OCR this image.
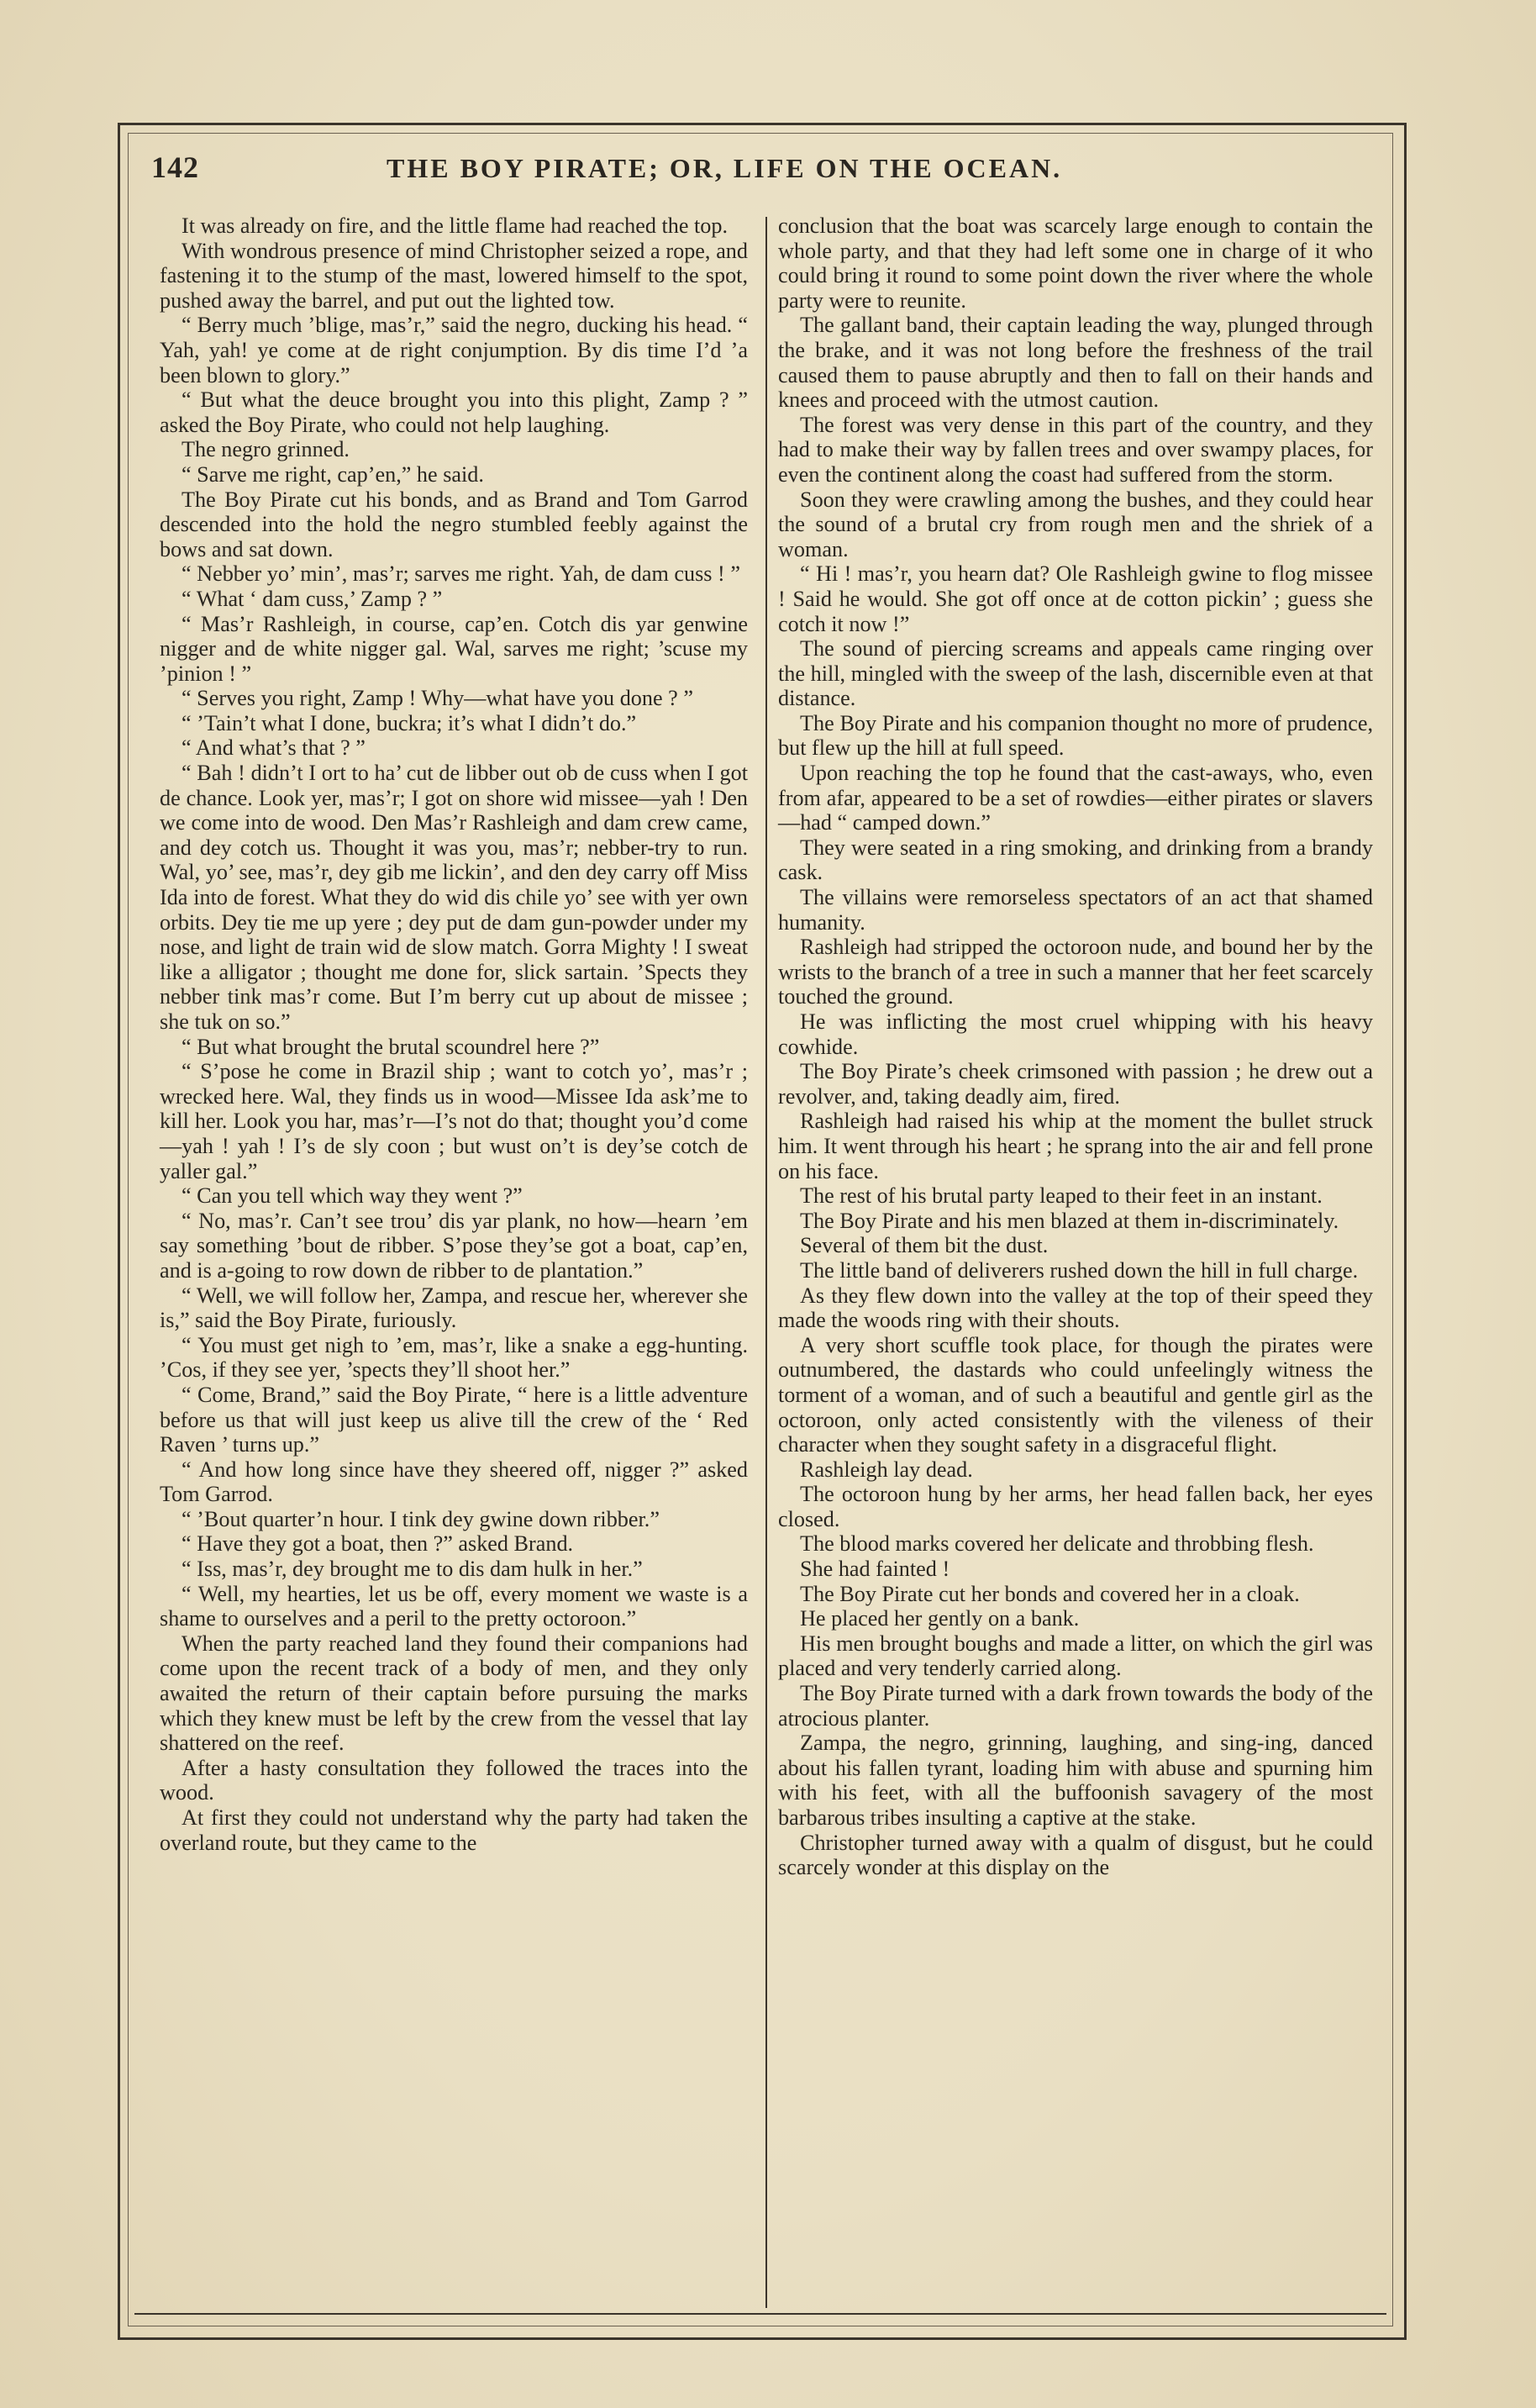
142	THE BOY PIRATE; OR, LIFE ON THE OCEAN.

It was already on fire, and the little flame had reached the top.

With wondrous presence of mind Christopher seized a rope, and fastening it to the stump of the mast, lowered himself to the spot, pushed away the barrel, and put out the lighted tow.

“ Berry much ’blige, mas’r,” said the negro, ducking his head. “ Yah, yah! ye come at de right conjumption. By dis time I’d ’a been blown to glory.”

“ But what the deuce brought you into this plight, Zamp ? ” asked the Boy Pirate, who could not help laughing.

The negro grinned.

“ Sarve me right, cap’en,” he said.

The Boy Pirate cut his bonds, and as Brand and Tom Garrod descended into the hold the negro stumbled feebly against the bows and sat down.

“ Nebber yo’ min’, mas’r; sarves me right. Yah, de dam cuss ! ”

“ What ‘ dam cuss,’ Zamp ? ”

“ Mas’r Rashleigh, in course, cap’en. Cotch dis yar genwine nigger and de white nigger gal. Wal, sarves me right; ’scuse my ’pinion ! ”

“ Serves you right, Zamp ! Why—what have you done ? ”

“ ’Tain’t what I done, buckra; it’s what I didn’t do.”

“ And what’s that ? ”

“ Bah ! didn’t I ort to ha’ cut de libber out ob de cuss when I got de chance. Look yer, mas’r; I got on shore wid missee—yah ! Den we come into de wood. Den Mas’r Rashleigh and dam crew came, and dey cotch us. Thought it was you, mas’r; nebber-try to run. Wal, yo’ see, mas’r, dey gib me lickin’, and den dey carry off Miss Ida into de forest. What they do wid dis chile yo’ see with yer own orbits. Dey tie me up yere ; dey put de dam gun-powder under my nose, and light de train wid de slow match. Gorra Mighty ! I sweat like a alligator ; thought me done for, slick sartain. ’Spects they nebber tink mas’r come. But I’m berry cut up about de missee ; she tuk on so.”

“ But what brought the brutal scoundrel here ?”

“ S’pose he come in Brazil ship ; want to cotch yo’, mas’r ; wrecked here. Wal, they finds us in wood—Missee Ida ask’me to kill her. Look you har, mas’r—I’s not do that; thought you’d come—yah ! yah ! I’s de sly coon ; but wust on’t is dey’se cotch de yaller gal.”

“ Can you tell which way they went ?”

“ No, mas’r. Can’t see trou’ dis yar plank, no how—hearn ’em say something ’bout de ribber. S’pose they’se got a boat, cap’en, and is a-going to row down de ribber to de plantation.”

“ Well, we will follow her, Zampa, and rescue her, wherever she is,” said the Boy Pirate, furiously.

“ You must get nigh to ’em, mas’r, like a snake a egg-hunting. ’Cos, if they see yer, ’spects they’ll shoot her.”

“ Come, Brand,” said the Boy Pirate, “ here is a little adventure before us that will just keep us alive till the crew of the ‘ Red Raven ’ turns up.”

“ And how long since have they sheered off, nigger ?” asked Tom Garrod.

“ ’Bout quarter’n hour. I tink dey gwine down ribber.”

“ Have they got a boat, then ?” asked Brand.

“ Iss, mas’r, dey brought me to dis dam hulk in her.”

“ Well, my hearties, let us be off, every moment we waste is a shame to ourselves and a peril to the pretty octoroon.”

When the party reached land they found their companions had come upon the recent track of a body of men, and they only awaited the return of their captain before pursuing the marks which they knew must be left by the crew from the vessel that lay shattered on the reef.

After a hasty consultation they followed the traces into the wood.

At first they could not understand why the party had taken the overland route, but they came to the

conclusion that the boat was scarcely large enough to contain the whole party, and that they had left some one in charge of it who could bring it round to some point down the river where the whole party were to reunite.

The gallant band, their captain leading the way, plunged through the brake, and it was not long before the freshness of the trail caused them to pause abruptly and then to fall on their hands and knees and proceed with the utmost caution.

The forest was very dense in this part of the country, and they had to make their way by fallen trees and over swampy places, for even the continent along the coast had suffered from the storm.

Soon they were crawling among the bushes, and they could hear the sound of a brutal cry from rough men and the shriek of a woman.

“ Hi ! mas’r, you hearn dat? Ole Rashleigh gwine to flog missee ! Said he would. She got off once at de cotton pickin’ ; guess she cotch it now !”

The sound of piercing screams and appeals came ringing over the hill, mingled with the sweep of the lash, discernible even at that distance.

The Boy Pirate and his companion thought no more of prudence, but flew up the hill at full speed.

Upon reaching the top he found that the cast-aways, who, even from afar, appeared to be a set of rowdies—either pirates or slavers—had “ camped down.”

They were seated in a ring smoking, and drinking from a brandy cask.

The villains were remorseless spectators of an act that shamed humanity.

Rashleigh had stripped the octoroon nude, and bound her by the wrists to the branch of a tree in such a manner that her feet scarcely touched the ground.

He was inflicting the most cruel whipping with his heavy cowhide.

The Boy Pirate’s cheek crimsoned with passion ; he drew out a revolver, and, taking deadly aim, fired.

Rashleigh had raised his whip at the moment the bullet struck him. It went through his heart ; he sprang into the air and fell prone on his face.

The rest of his brutal party leaped to their feet in an instant.

The Boy Pirate and his men blazed at them in-discriminately.

Several of them bit the dust.

The little band of deliverers rushed down the hill in full charge.

As they flew down into the valley at the top of their speed they made the woods ring with their shouts.

A very short scuffle took place, for though the pirates were outnumbered, the dastards who could unfeelingly witness the torment of a woman, and of such a beautiful and gentle girl as the octoroon, only acted consistently with the vileness of their character when they sought safety in a disgraceful flight.

Rashleigh lay dead.

The octoroon hung by her arms, her head fallen back, her eyes closed.

The blood marks covered her delicate and throbbing flesh.

She had fainted !

The Boy Pirate cut her bonds and covered her in a cloak.

He placed her gently on a bank.

His men brought boughs and made a litter, on which the girl was placed and very tenderly carried along.

The Boy Pirate turned with a dark frown towards the body of the atrocious planter.

Zampa, the negro, grinning, laughing, and sing-ing, danced about his fallen tyrant, loading him with abuse and spurning him with his feet, with all the buffoonish savagery of the most barbarous tribes insulting a captive at the stake.

Christopher turned away with a qualm of disgust, but he could scarcely wonder at this display on the
